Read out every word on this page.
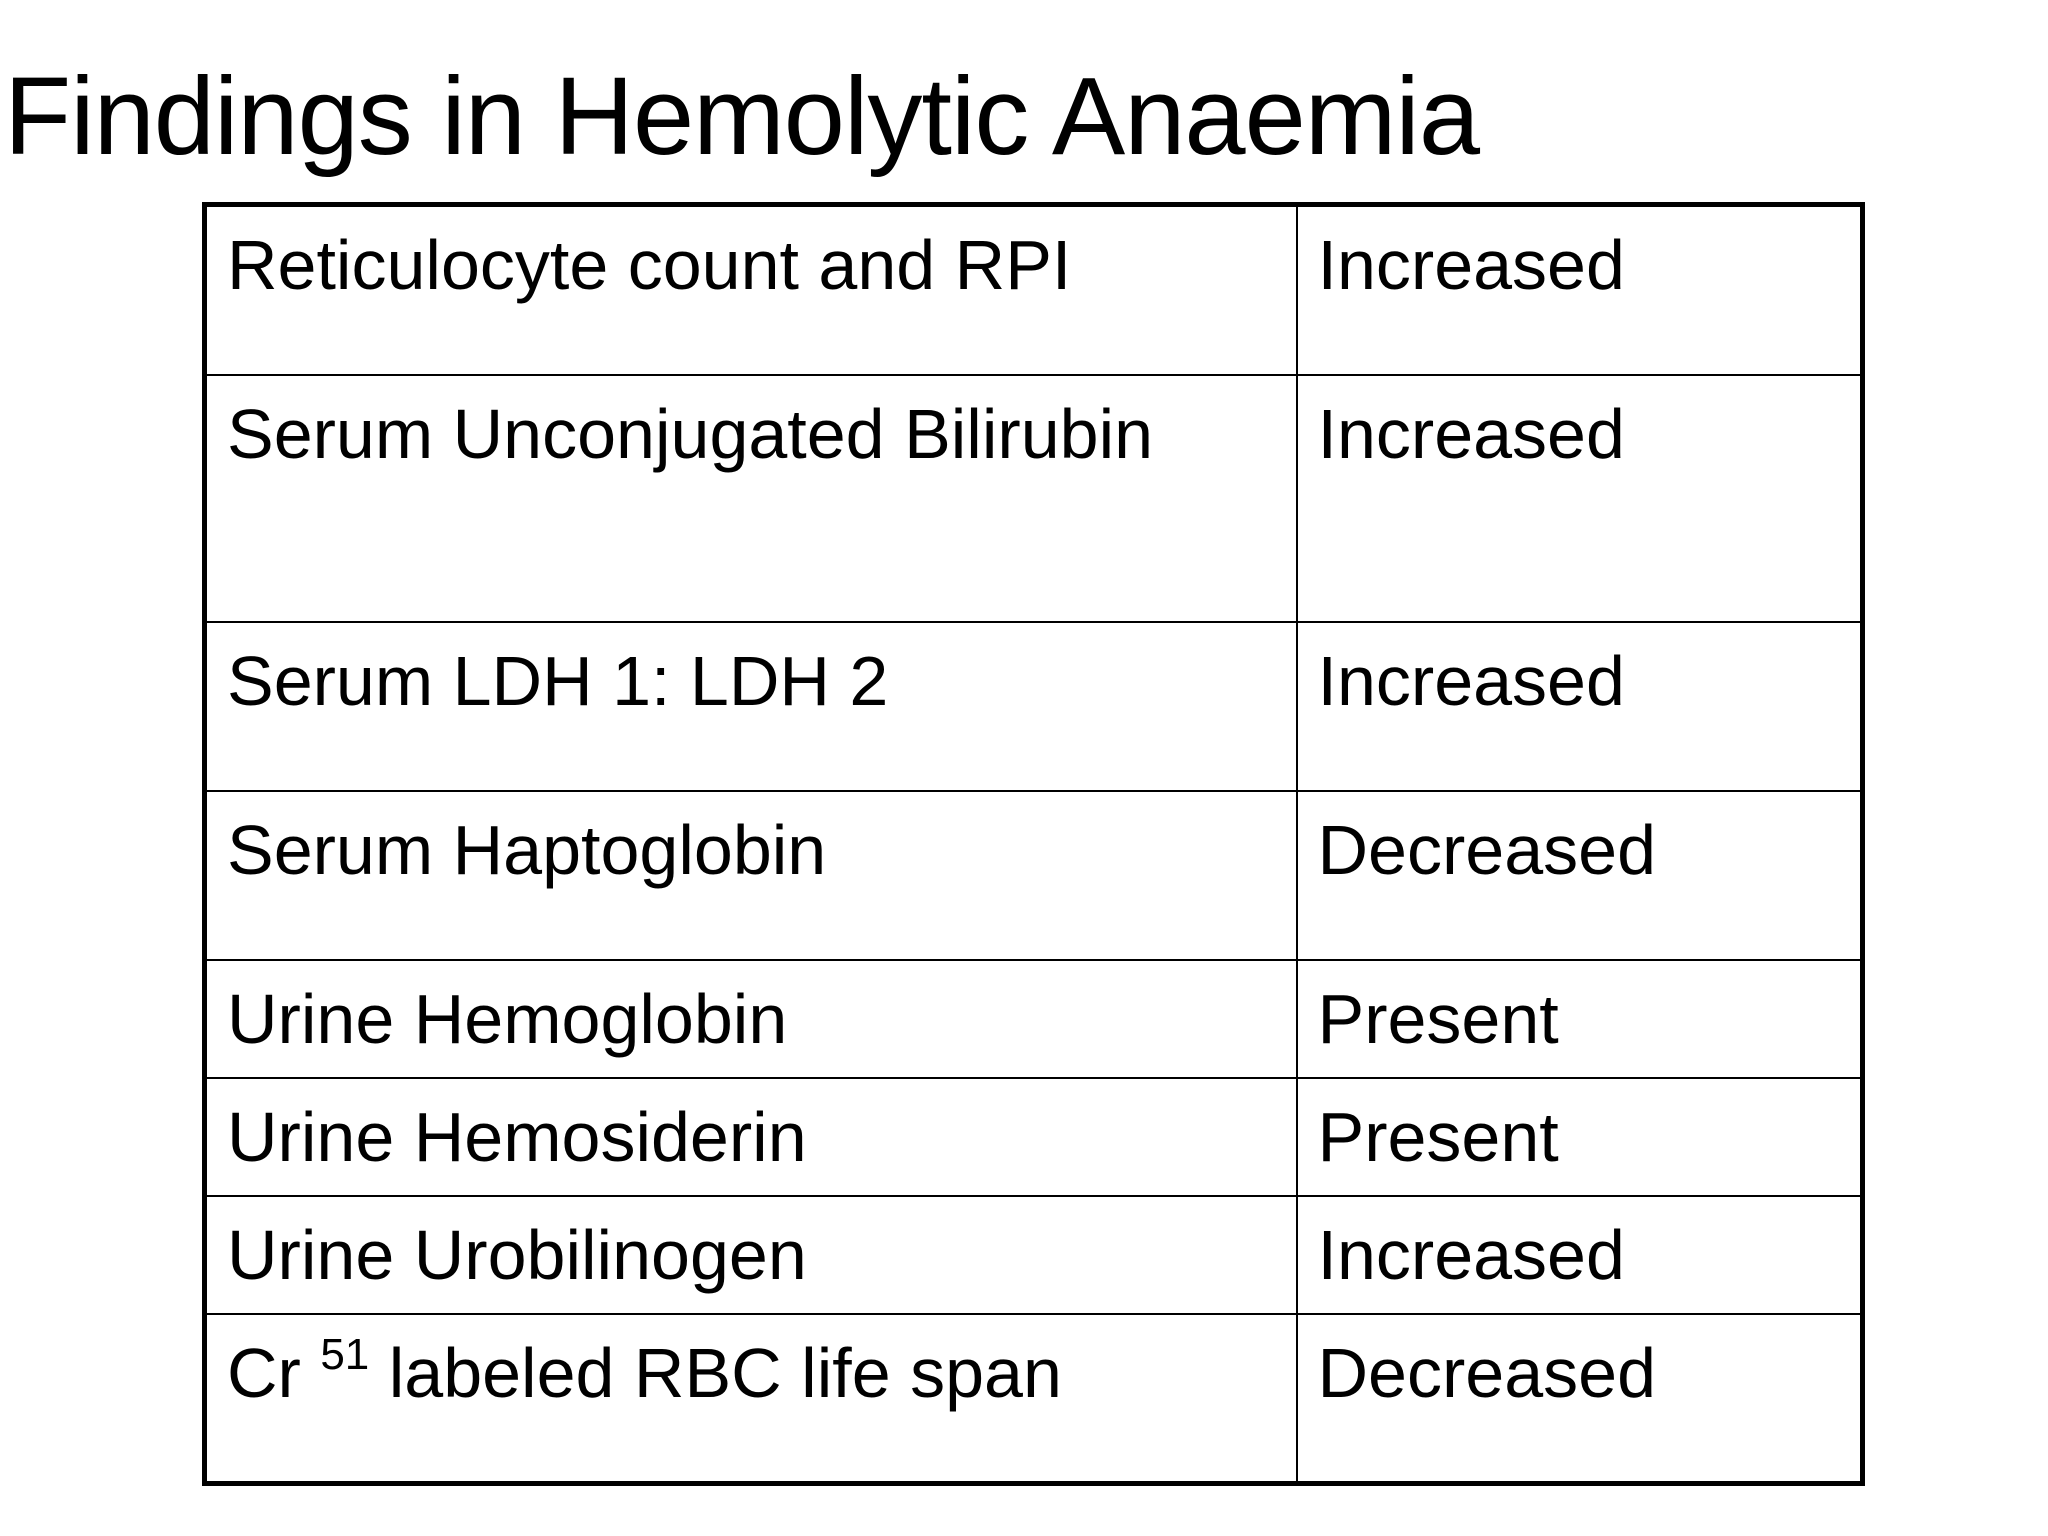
Findings in Hemolytic Anaemia
Reticulocyte count and RPI	Increased
Serum Unconjugated Bilirubin	Increased
Serum LDH 1: LDH 2	Increased
Serum Haptoglobin	Decreased
Urine Hemoglobin	Present
Urine Hemosiderin	Present
Urine Urobilinogen	Increased
Cr $^{51}$ labeled RBC life span	Decreased
